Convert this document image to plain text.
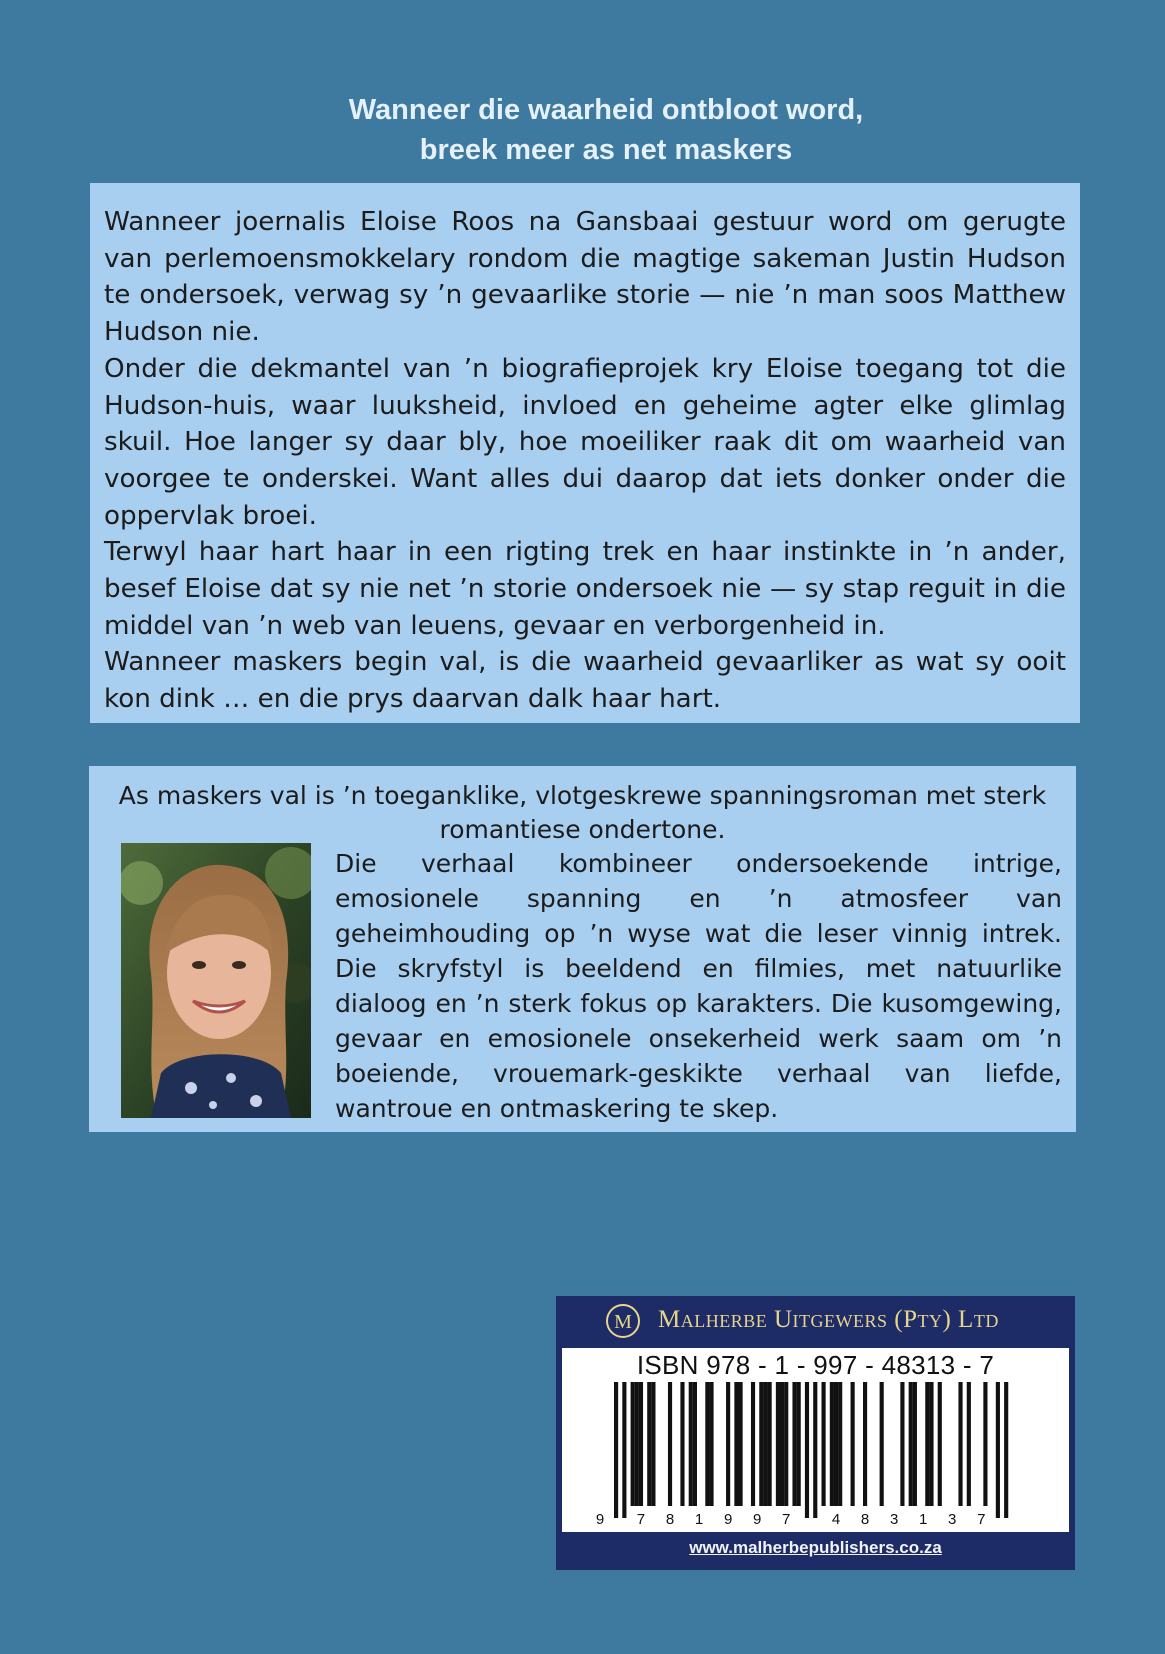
Wanneer die waarheid ontbloot word,
breek meer as net maskers

Wanneer joernalis Eloise Roos na Gansbaai gestuur word om gerugte van perlemoensmokkelary rondom die magtige sakeman Justin Hudson te ondersoek, verwag sy ’n gevaarlike storie — nie ’n man soos Matthew Hudson nie.

Onder die dekmantel van ’n biografieprojek kry Eloise toegang tot die Hudson-huis, waar luuksheid, invloed en geheime agter elke glimlag skuil. Hoe langer sy daar bly, hoe moeiliker raak dit om waarheid van voorgee te onderskei. Want alles dui daarop dat iets donker onder die oppervlak broei.

Terwyl haar hart haar in een rigting trek en haar instinkte in ’n ander, besef Eloise dat sy nie net ’n storie ondersoek nie — sy stap reguit in die middel van ’n web van leuens, gevaar en verborgenheid in.

Wanneer maskers begin val, is die waarheid gevaarliker as wat sy ooit kon dink … en die prys daarvan dalk haar hart.

As maskers val is ’n toeganklike, vlotgeskrewe spanningsroman met sterk romantiese ondertone.

Die verhaal kombineer ondersoekende intrige, emosionele spanning en ’n atmosfeer van geheimhouding op ’n wyse wat die leser vinnig intrek. Die skryfstyl is beeldend en filmies, met natuurlike dialoog en ’n sterk fokus op karakters. Die kusomgewing, gevaar en emosionele onsekerheid werk saam om ’n boeiende, vrouemark-geskikte verhaal van liefde, wantroue en ontmaskering te skep.

M Malherbe Uitgewers (Pty) Ltd
ISBN 978 - 1 - 997 - 48313 - 7
9 7 8 1 9 9 7	4 8 3 1 3 7
www.malherbepublishers.co.za
